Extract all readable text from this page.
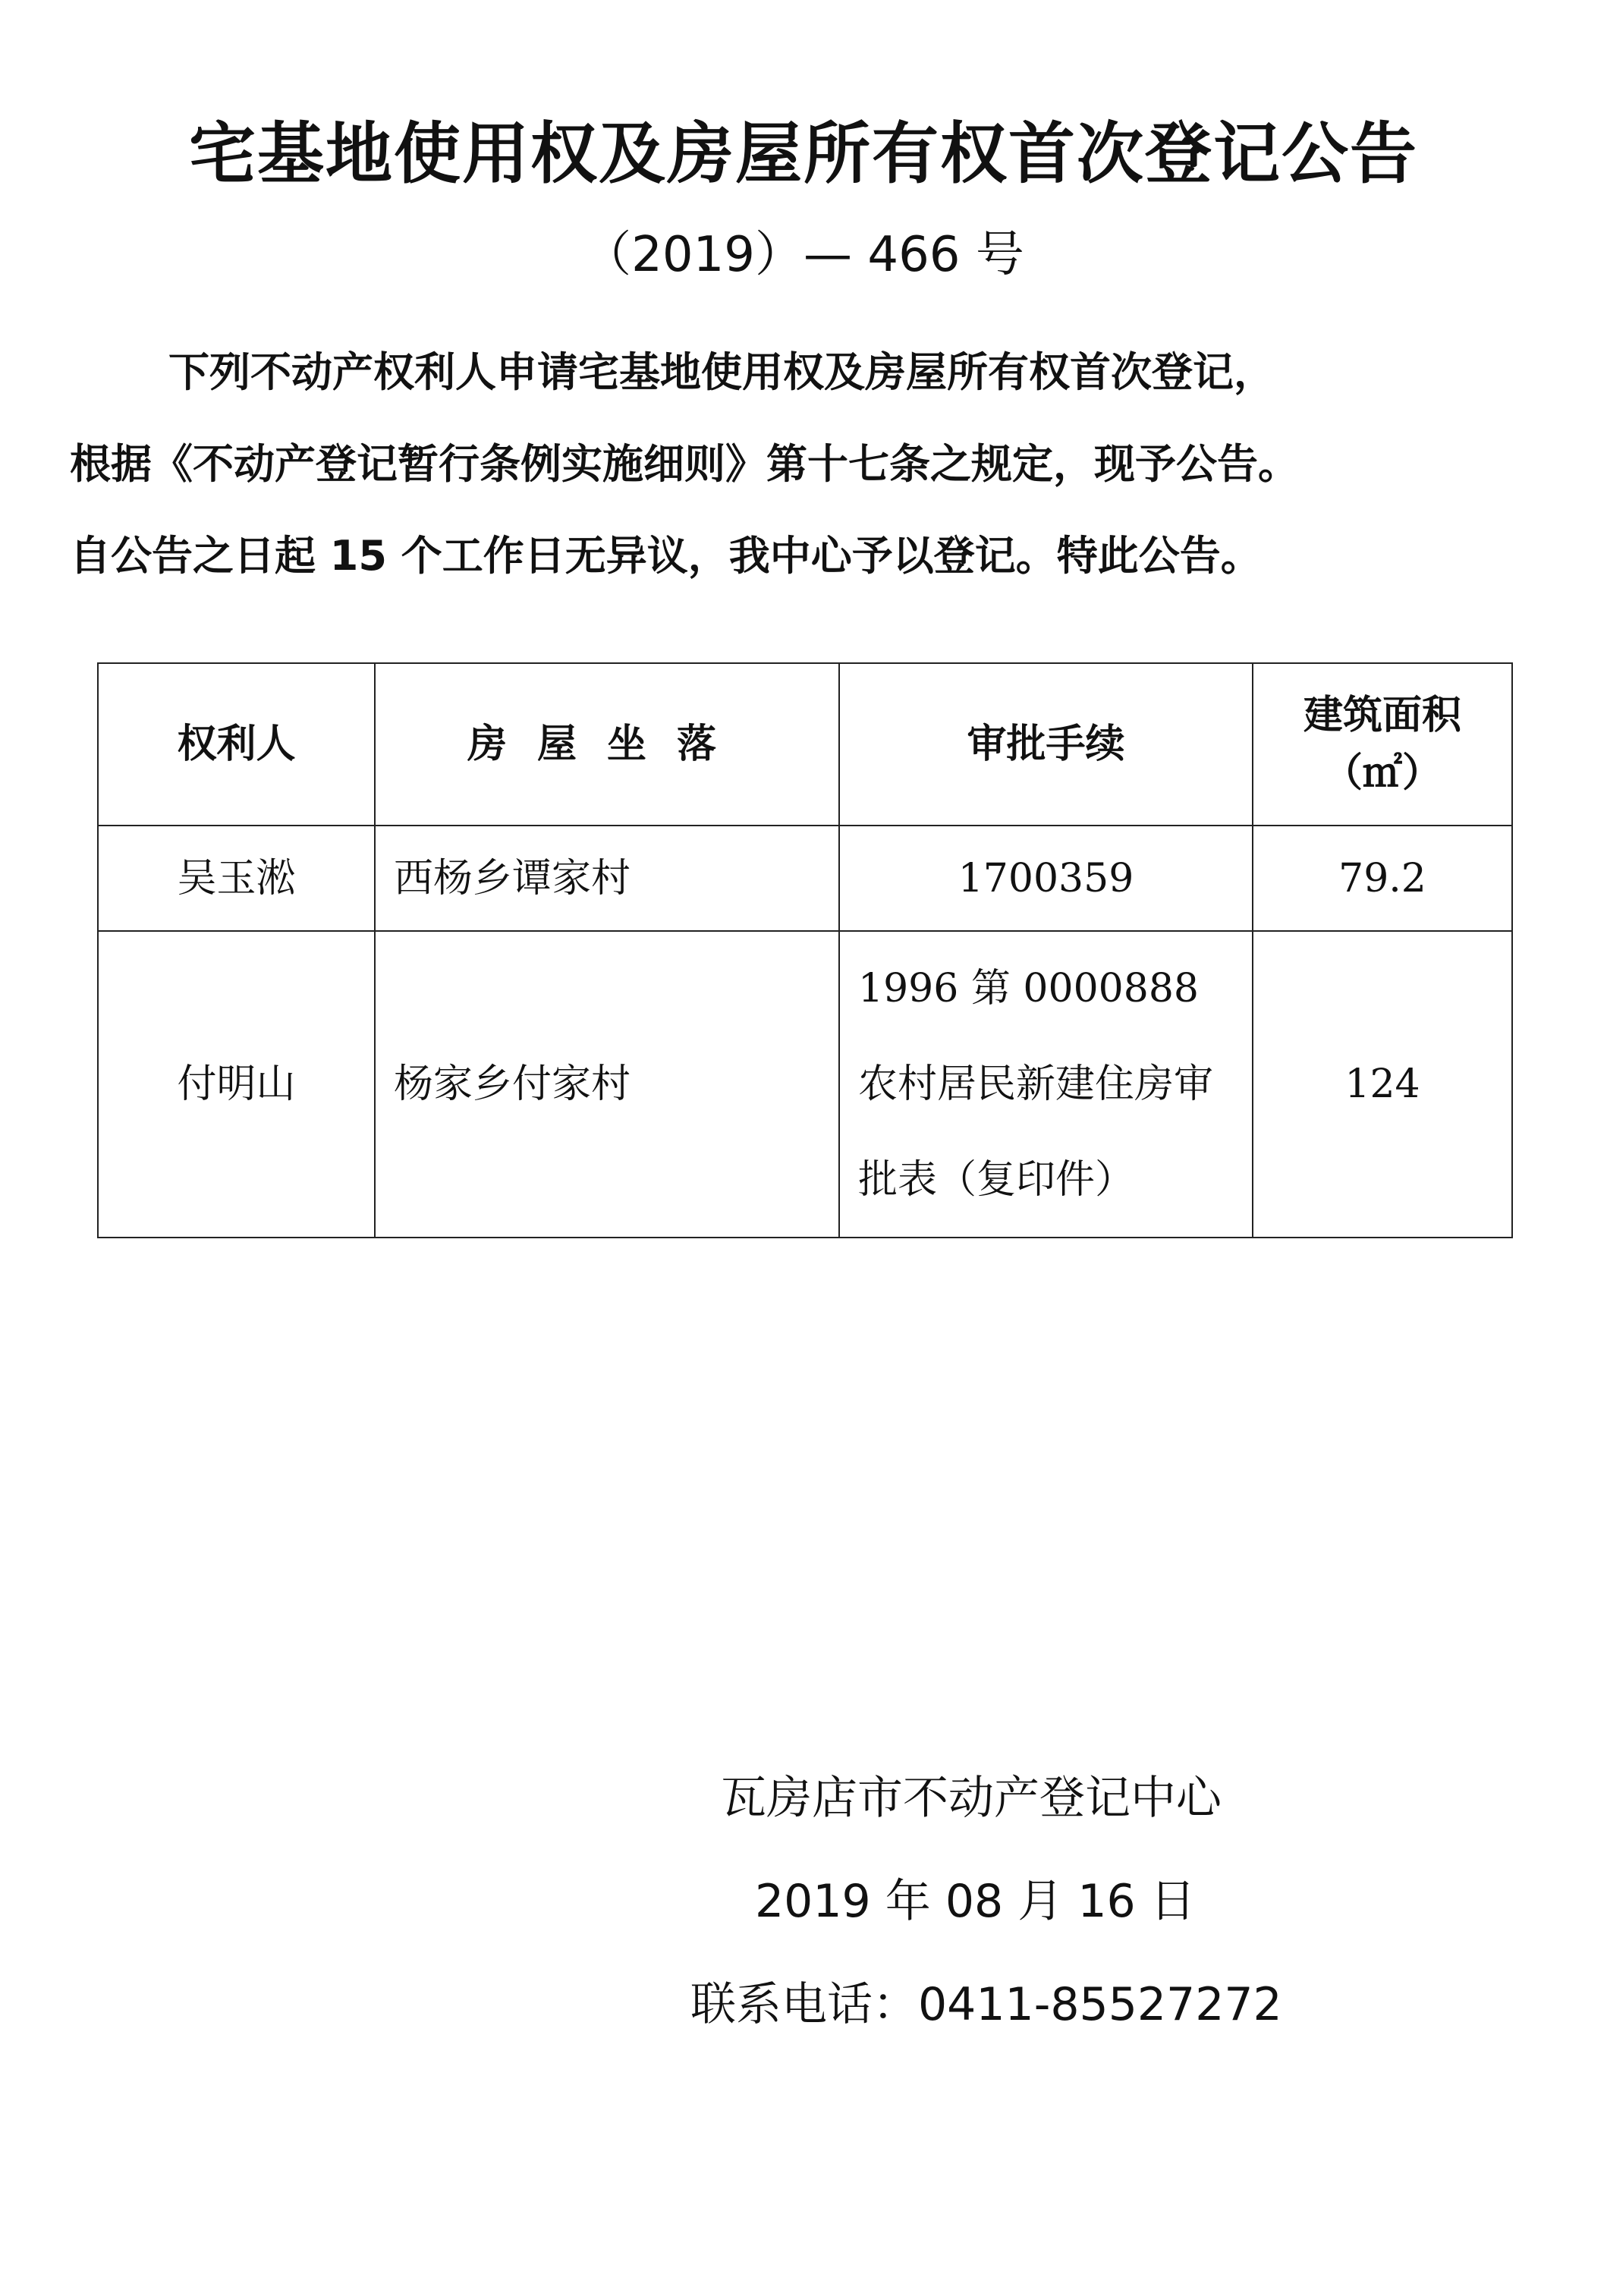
宅基地使用权及房屋所有权首次登记公告

（2019）— 466 号

下列不动产权利人申请宅基地使用权及房屋所有权首次登记，
根据《不动产登记暂行条例实施细则》第十七条之规定，现予公告。
自公告之日起 15 个工作日无异议，我中心予以登记。特此公告。
权利人	房屋坐落	审批手续	建筑面积
（㎡）

吴玉淞	西杨乡谭家村	1700359	79.2
付明山	杨家乡付家村	1996 第 0000888 农村居民新建住房审批表（复印件）	124

瓦房店市不动产登记中心

2019 年 08 月 16 日

联系电话：0411-85527272
